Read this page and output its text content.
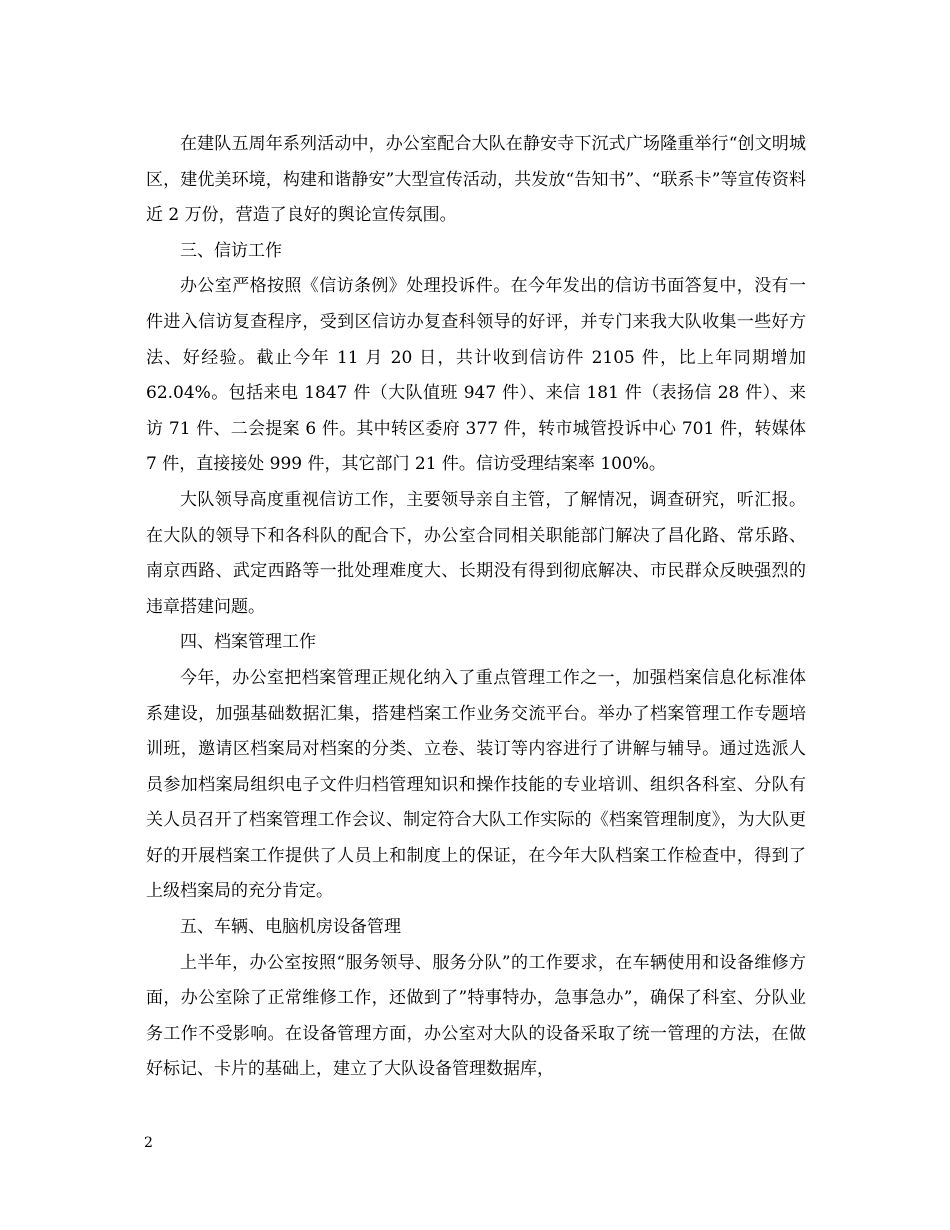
在建队五周年系列活动中，办公室配合大队在静安寺下沉式广场隆重举行“创文明城区，建优美环境，构建和谐静安”大型宣传活动，共发放“告知书”、“联系卡”等宣传资料近 2 万份，营造了良好的舆论宣传氛围。

三、信访工作

办公室严格按照《信访条例》处理投诉件。在今年发出的信访书面答复中，没有一件进入信访复查程序，受到区信访办复查科领导的好评，并专门来我大队收集一些好方法、好经验。截止今年 11 月 20 日，共计收到信访件 2105 件，比上年同期增加 62.04%。包括来电 1847 件（大队值班 947 件）、来信 181 件（表扬信 28 件）、来访 71 件、二会提案 6 件。其中转区委府 377 件，转市城管投诉中心 701 件，转媒体 7 件，直接接处 999 件，其它部门 21 件。信访受理结案率 100%。

大队领导高度重视信访工作，主要领导亲自主管，了解情况，调查研究，听汇报。在大队的领导下和各科队的配合下，办公室合同相关职能部门解决了昌化路、常乐路、南京西路、武定西路等一批处理难度大、长期没有得到彻底解决、市民群众反映强烈的违章搭建问题。

四、档案管理工作

今年，办公室把档案管理正规化纳入了重点管理工作之一，加强档案信息化标准体系建设，加强基础数据汇集，搭建档案工作业务交流平台。举办了档案管理工作专题培训班，邀请区档案局对档案的分类、立卷、装订等内容进行了讲解与辅导。通过选派人员参加档案局组织电子文件归档管理知识和操作技能的专业培训、组织各科室、分队有关人员召开了档案管理工作会议、制定符合大队工作实际的《档案管理制度》，为大队更好的开展档案工作提供了人员上和制度上的保证，在今年大队档案工作检查中，得到了上级档案局的充分肯定。

五、车辆、电脑机房设备管理

上半年，办公室按照“服务领导、服务分队”的工作要求，在车辆使用和设备维修方面，办公室除了正常维修工作，还做到了”特事特办，急事急办”，确保了科室、分队业务工作不受影响。在设备管理方面，办公室对大队的设备采取了统一管理的方法，在做好标记、卡片的基础上，建立了大队设备管理数据库，

2
